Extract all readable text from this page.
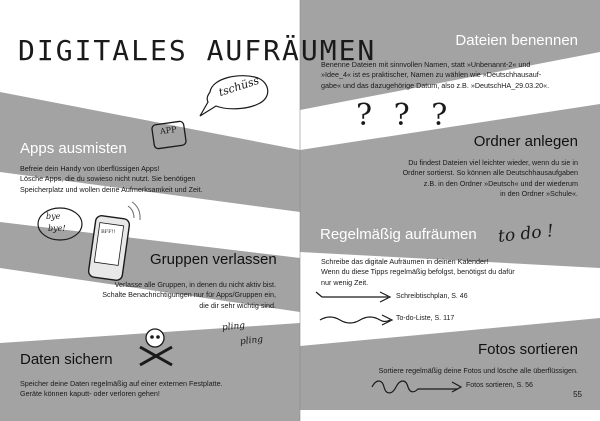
DIGITALES AUFRÄUMEN
tschüss
APP
Apps ausmisten
Befreie dein Handy von überflüssigen Apps!
Lösche Apps, die du sowieso nicht nutzt. Sie benötigen
Speicherplatz und wollen deine Aufmerksamkeit und Zeit.
bye
bye!	BFF!!
Gruppen verlassen
Verlasse alle Gruppen, in denen du nicht aktiv bist.
Schalte Benachrichtigungen nur für Apps/Gruppen ein,
die dir sehr wichtig sind.
pling
pling
Daten sichern
Speicher deine Daten regelmäßig auf einer externen Festplatte.
Geräte können kaputt- oder verloren gehen!
Dateien benennen
Benenne Dateien mit sinnvollen Namen, statt »Unbenannt-2« und
»Idee_4« ist es praktischer, Namen zu wählen wie »Deutschhausauf-
gabe« und das dazugehörige Datum, also z.B. »DeutschHA_29.03.20«.
? ? ?
Ordner anlegen
Du findest Dateien viel leichter wieder, wenn du sie in
Ordner sortierst. So können alle Deutschhausaufgaben
z.B. in den Ordner »Deutsch« und der wiederum
in den Ordner »Schule«.
Regelmäßig aufräumen to do !
Schreibe das digitale Aufräumen in deinen Kalender!
Wenn du diese Tipps regelmäßig befolgst, benötigst du dafür
nur wenig Zeit.
Schreibtischplan, S. 46
To-do-Liste, S. 117
Fotos sortieren
Sortiere regelmäßig deine Fotos und lösche alle überflüssigen.
Fotos sortieren, S. 56
55
